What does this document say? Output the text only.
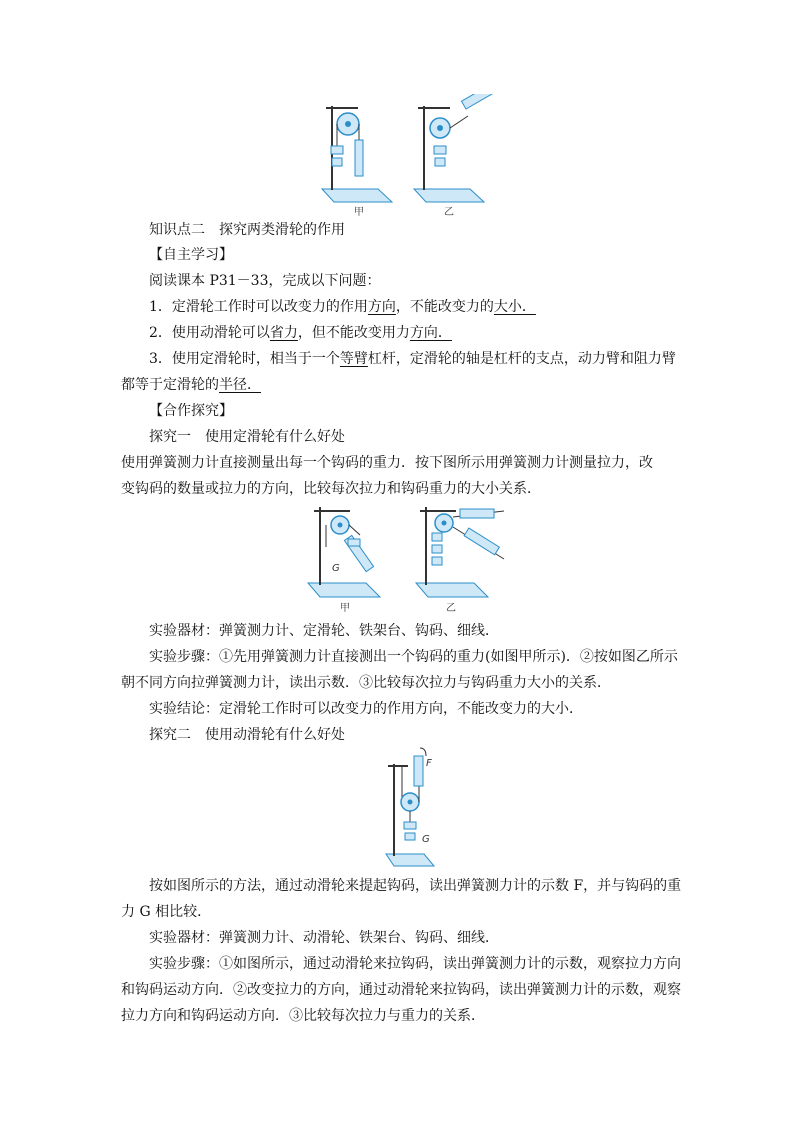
甲	乙
知识点二　探究两类滑轮的作用
【自主学习】
阅读课本 P31－33，完成以下问题：
1．定滑轮工作时可以改变力的作用方向，不能改变力的大小．
2．使用动滑轮可以省力，但不能改变用力方向．
3．使用定滑轮时，相当于一个等臂杠杆，定滑轮的轴是杠杆的支点，动力臂和阻力臂
都等于定滑轮的半径．
【合作探究】
探究一　使用定滑轮有什么好处
使用弹簧测力计直接测量出每一个钩码的重力．按下图所示用弹簧测力计测量拉力，改
变钩码的数量或拉力的方向，比较每次拉力和钩码重力的大小关系．
G
甲	乙
实验器材：弹簧测力计、定滑轮、铁架台、钩码、细线．
实验步骤：①先用弹簧测力计直接测出一个钩码的重力(如图甲所示)．②按如图乙所示
朝不同方向拉弹簧测力计，读出示数．③比较每次拉力与钩码重力大小的关系．
实验结论：定滑轮工作时可以改变力的作用方向，不能改变力的大小．
探究二　使用动滑轮有什么好处
F
G
按如图所示的方法，通过动滑轮来提起钩码，读出弹簧测力计的示数 F，并与钩码的重
力 G 相比较．
实验器材：弹簧测力计、动滑轮、铁架台、钩码、细线．
实验步骤：①如图所示，通过动滑轮来拉钩码，读出弹簧测力计的示数，观察拉力方向
和钩码运动方向．②改变拉力的方向，通过动滑轮来拉钩码，读出弹簧测力计的示数，观察
拉力方向和钩码运动方向．③比较每次拉力与重力的关系．
